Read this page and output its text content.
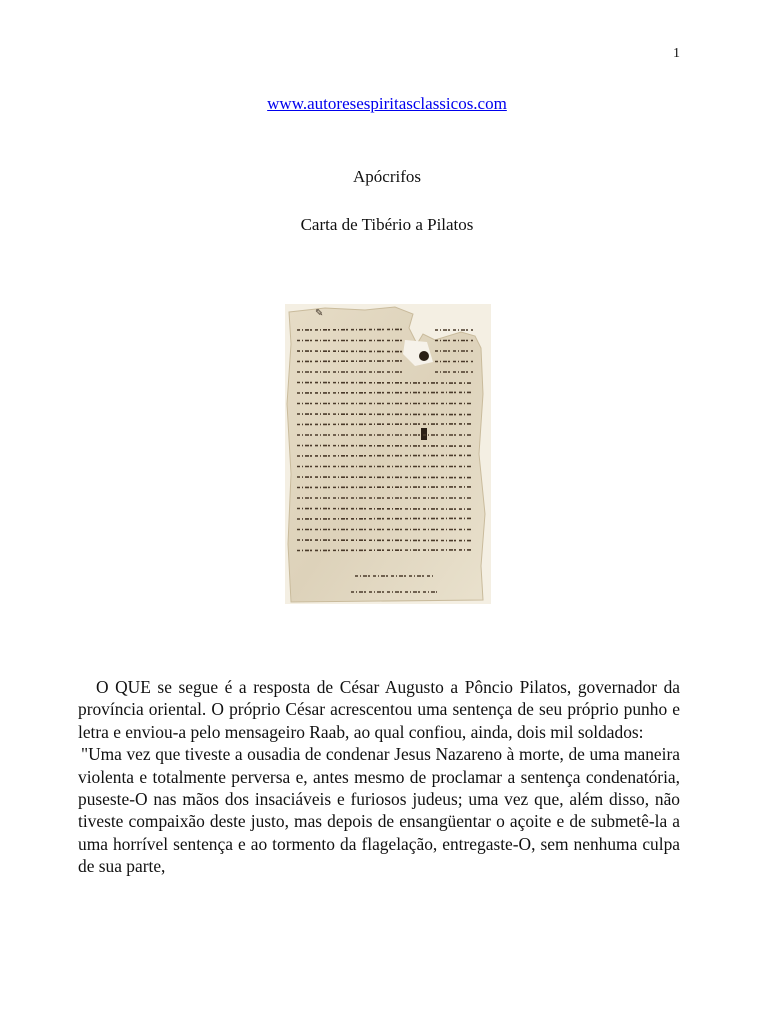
1
www.autoresespiritasclassicos.com
Apócrifos
Carta de Tibério a Pilatos
✎

O QUE se segue é a resposta de César Augusto a Pôncio Pilatos, governador da província oriental. O próprio César acrescentou uma sentença de seu próprio punho e letra e enviou-a pelo mensageiro Raab, ao qual confiou, ainda, dois mil soldados:

"Uma vez que tiveste a ousadia de condenar Jesus Nazareno à morte, de uma maneira violenta e totalmente perversa e, antes mesmo de proclamar a sentença condenatória, puseste-O nas mãos dos insaciáveis e furiosos judeus; uma vez que, além disso, não tiveste compaixão deste justo, mas depois de ensangüentar o açoite e de submetê-la a uma horrível sentença e ao tormento da flagelação, entregaste-O, sem nenhuma culpa de sua parte,
